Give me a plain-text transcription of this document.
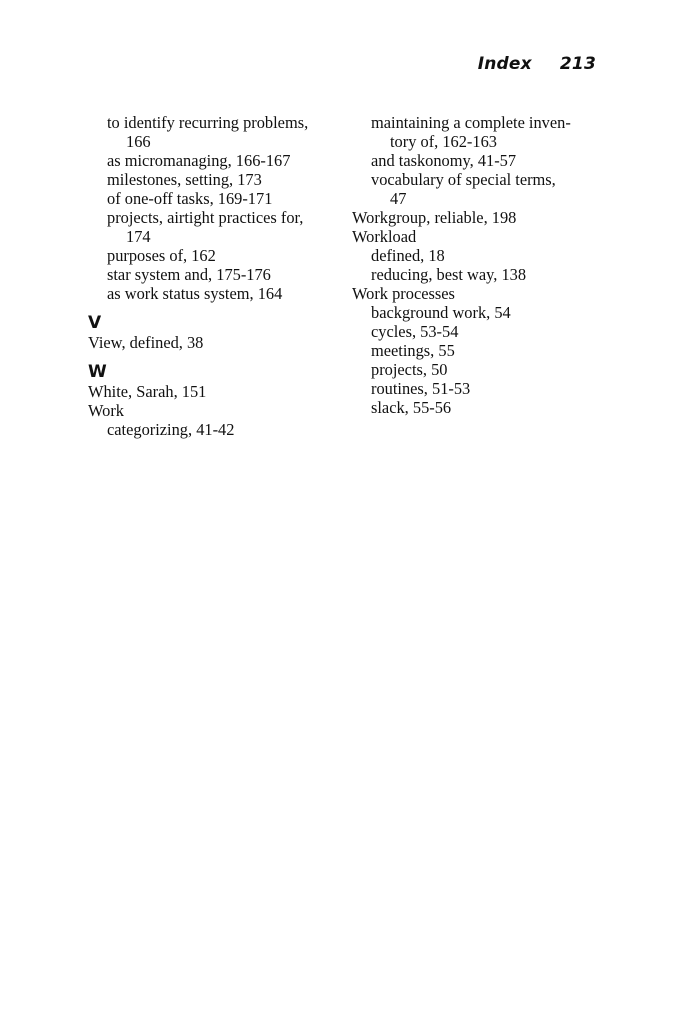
Index 213
to identify recurring problems,
166
as micromanaging, 166-167
milestones, setting, 173
of one-off tasks, 169-171
projects, airtight practices for,
174
purposes of, 162
star system and, 175-176
as work status system, 164
V
View, defined, 38
W
White, Sarah, 151
Work
categorizing, 41-42
maintaining a complete inven-
tory of, 162-163
and taskonomy, 41-57
vocabulary of special terms,
47
Workgroup, reliable, 198
Workload
defined, 18
reducing, best way, 138
Work processes
background work, 54
cycles, 53-54
meetings, 55
projects, 50
routines, 51-53
slack, 55-56
